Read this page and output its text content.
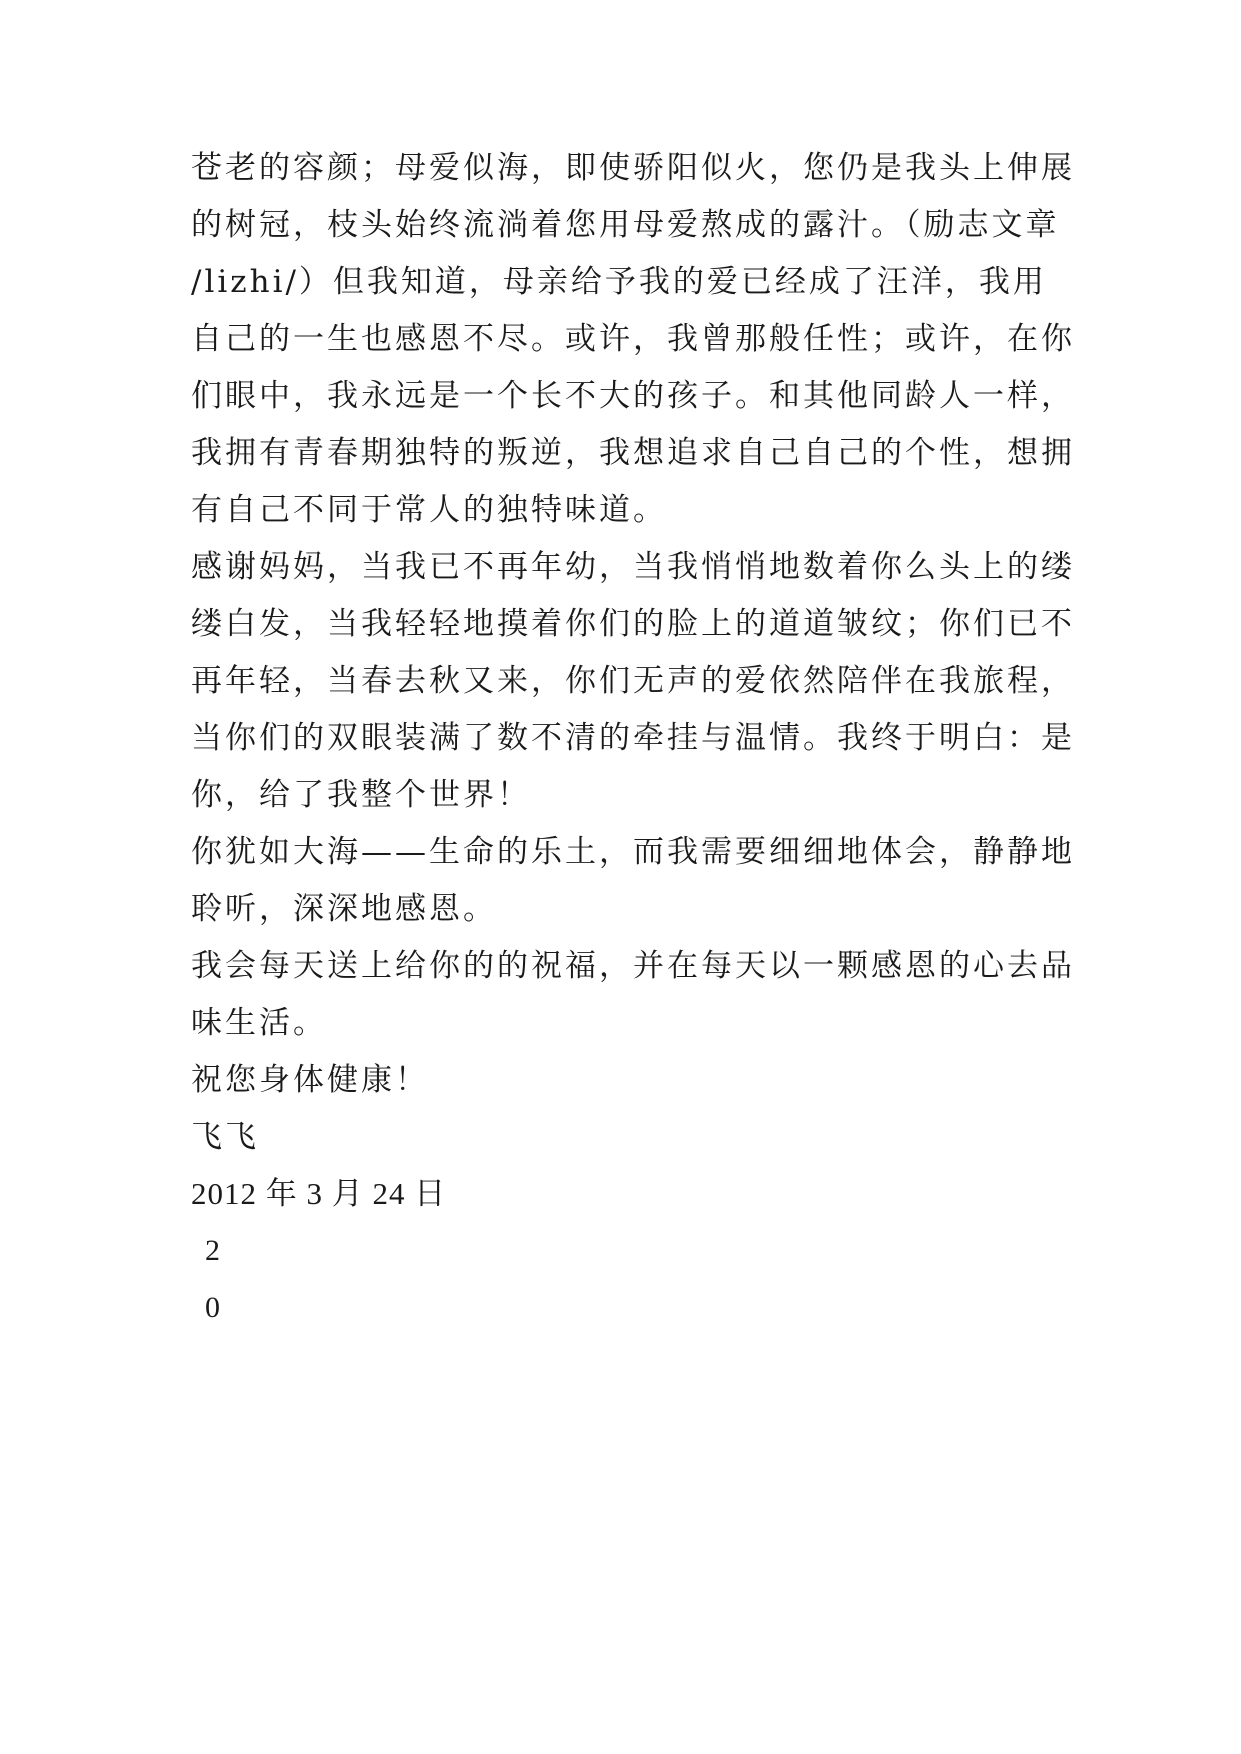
苍老的容颜；母爱似海，即使骄阳似火，您仍是我头上伸展
的树冠，枝头始终流淌着您用母爱熬成的露汁。（励志文章
/lizhi/）但我知道，母亲给予我的爱已经成了汪洋，我用
自己的一生也感恩不尽。或许，我曾那般任性；或许，在你
们眼中，我永远是一个长不大的孩子。和其他同龄人一样，
我拥有青春期独特的叛逆，我想追求自己自己的个性，想拥
有自己不同于常人的独特味道。
感谢妈妈，当我已不再年幼，当我悄悄地数着你么头上的缕
缕白发，当我轻轻地摸着你们的脸上的道道皱纹；你们已不
再年轻，当春去秋又来，你们无声的爱依然陪伴在我旅程，
当你们的双眼装满了数不清的牵挂与温情。我终于明白：是
你，给了我整个世界！
你犹如大海——生命的乐土，而我需要细细地体会，静静地
聆听，深深地感恩。
我会每天送上给你的的祝福，并在每天以一颗感恩的心去品
味生活。
祝您身体健康！
飞飞
2012 年 3 月 24 日
2
0
